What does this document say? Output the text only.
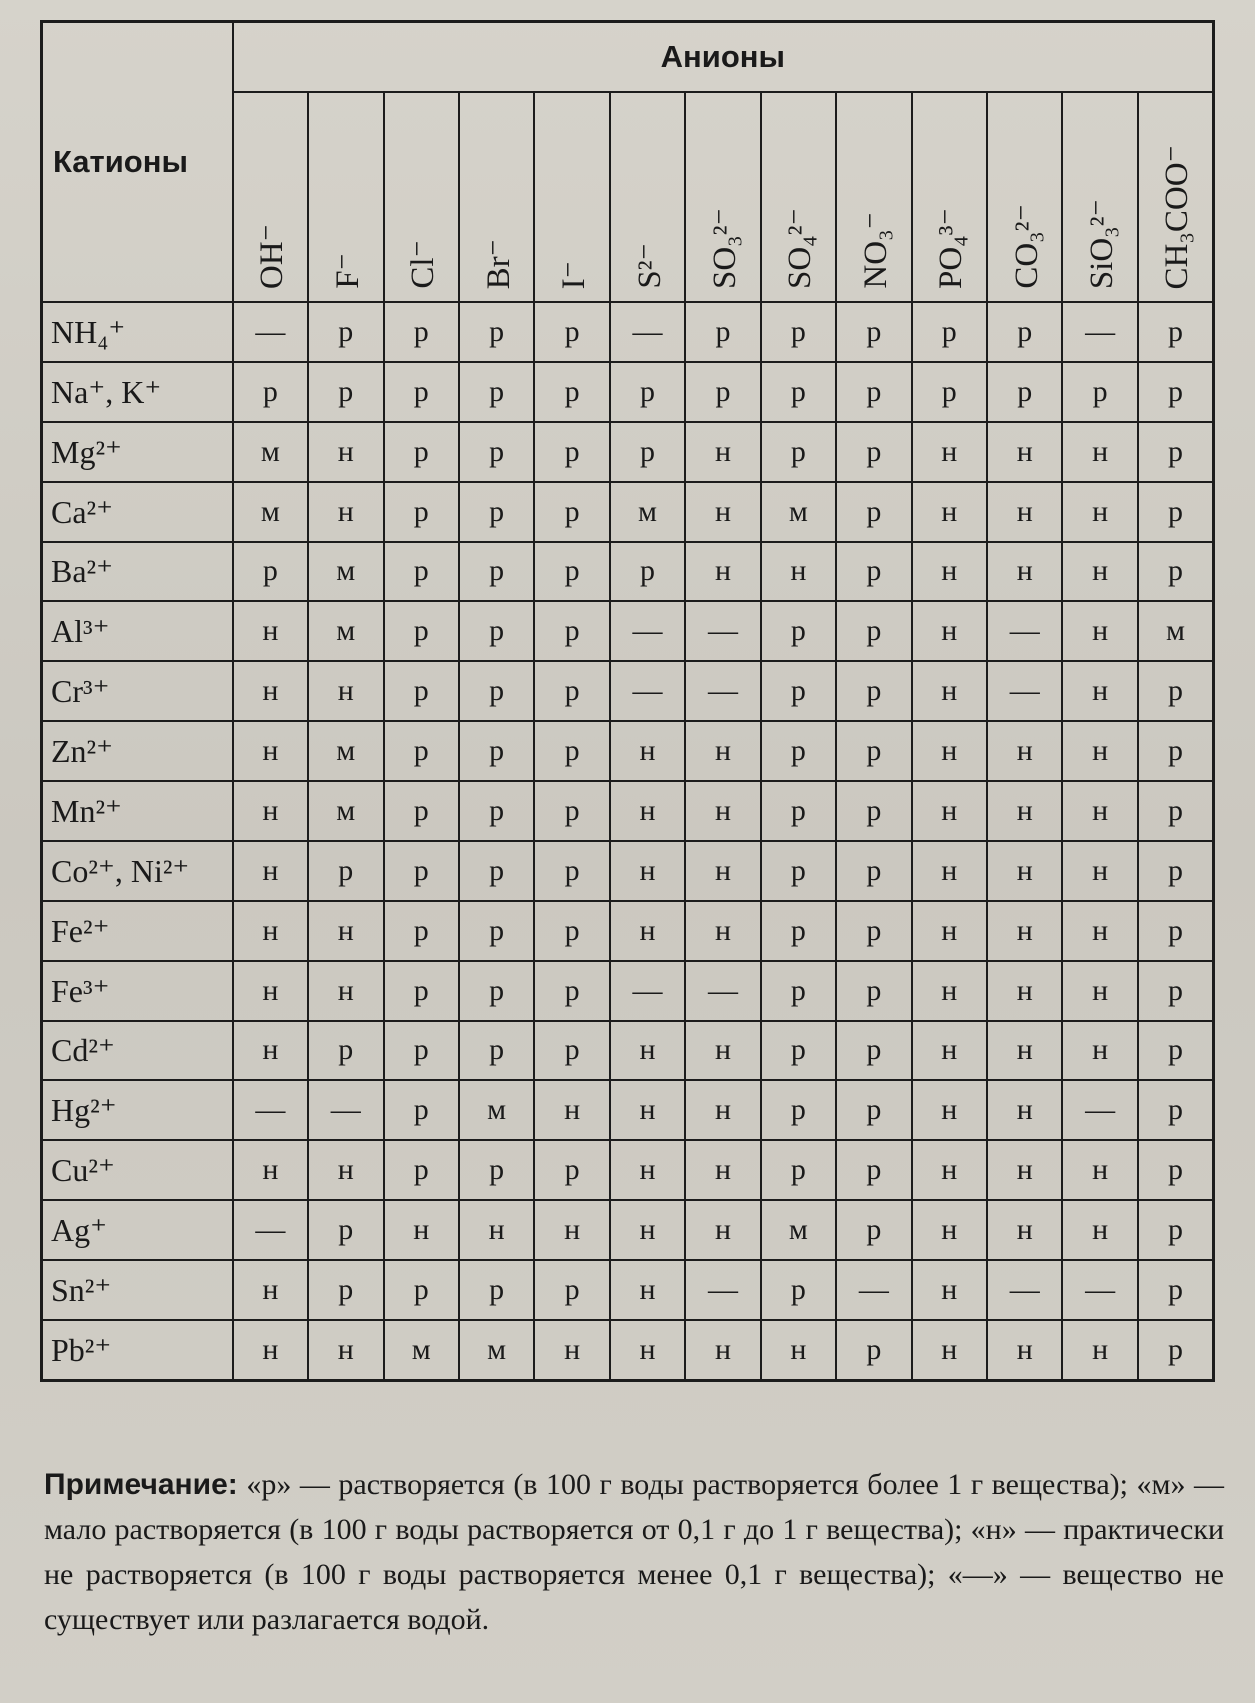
Катионы	Анионы												

	OH⁻	F⁻	Cl⁻	Br⁻	I⁻	S²⁻	SO₃²⁻	SO₄²⁻	NO₃⁻	PO₄³⁻	CO₃²⁻	SiO₃²⁻	CH₃COO⁻

NH₄⁺	—	р	р	р	р	—	р	р	р	р	р	—	р
Na⁺, K⁺	р	р	р	р	р	р	р	р	р	р	р	р	р
Mg²⁺	м	н	р	р	р	р	н	р	р	н	н	н	р
Ca²⁺	м	н	р	р	р	м	н	м	р	н	н	н	р
Ba²⁺	р	м	р	р	р	р	н	н	р	н	н	н	р
Al³⁺	н	м	р	р	р	—	—	р	р	н	—	н	м
Cr³⁺	н	н	р	р	р	—	—	р	р	н	—	н	р
Zn²⁺	н	м	р	р	р	н	н	р	р	н	н	н	р
Mn²⁺	н	м	р	р	р	н	н	р	р	н	н	н	р
Co²⁺, Ni²⁺	н	р	р	р	р	н	н	р	р	н	н	н	р
Fe²⁺	н	н	р	р	р	н	н	р	р	н	н	н	р
Fe³⁺	н	н	р	р	р	—	—	р	р	н	н	н	р
Cd²⁺	н	р	р	р	р	н	н	р	р	н	н	н	р
Hg²⁺	—	—	р	м	н	н	н	р	р	н	н	—	р
Cu²⁺	н	н	р	р	р	н	н	р	р	н	н	н	р
Ag⁺	—	р	н	н	н	н	н	м	р	н	н	н	р
Sn²⁺	н	р	р	р	р	н	—	р	—	н	—	—	р
Pb²⁺	н	н	м	м	н	н	н	н	р	н	н	н	р
Примечание: «р» — растворяется (в 100 г воды растворяется более 1 г вещества); «м» — мало растворяется (в 100 г воды растворяется от 0,1 г до 1 г вещества); «н» — практически не растворяется (в 100 г воды растворяется менее 0,1 г вещества); «—» — вещество не существует или разлагается водой.
